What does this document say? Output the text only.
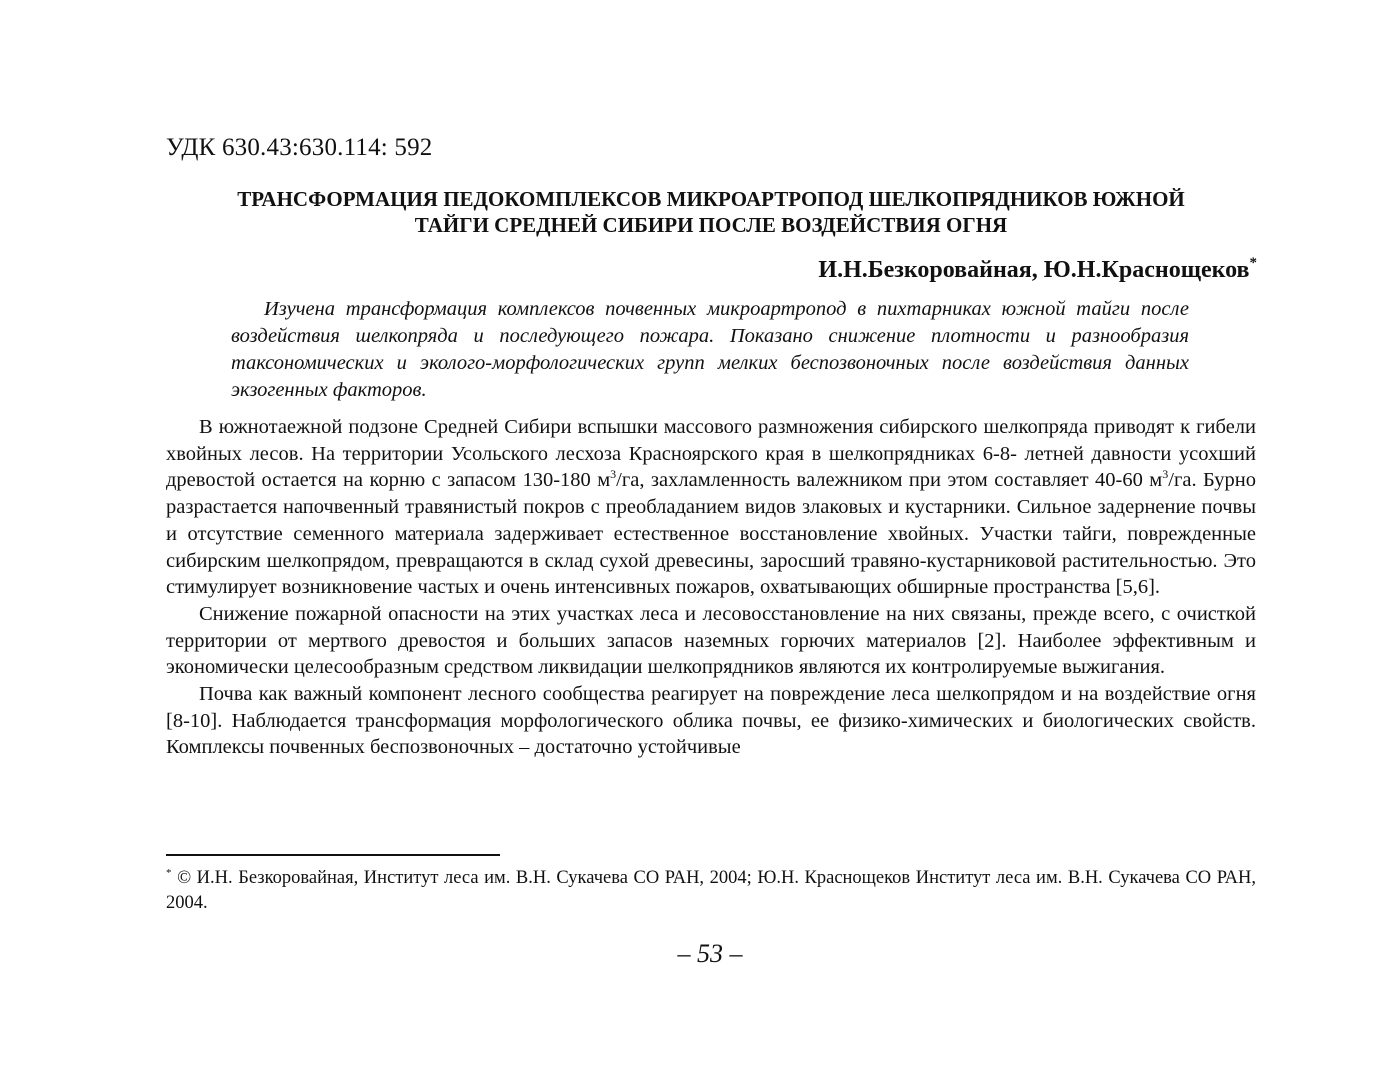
УДК 630.43:630.114: 592

ТРАНСФОРМАЦИЯ ПЕДОКОМПЛЕКСОВ МИКРОАРТРОПОД ШЕЛКОПРЯДНИКОВ ЮЖНОЙ
ТАЙГИ СРЕДНЕЙ СИБИРИ ПОСЛЕ ВОЗДЕЙСТВИЯ ОГНЯ

И.Н.Безкоровайная, Ю.Н.Краснощеков*

Изучена трансформация комплексов почвенных микроартропод в пихтарниках южной тайги после воздействия шелкопряда и последующего пожара. Показано снижение плотности и разнообразия таксономических и эколого-морфологических групп мелких беспозвоночных после воздействия данных экзогенных факторов.

В южнотаежной подзоне Средней Сибири вспышки массового размножения сибирского шелкопряда приводят к гибели хвойных лесов. На территории Усольского лесхоза Красноярского края в шелкопрядниках 6-8- летней давности усохший древостой остается на корню с запасом 130-180 $м^3/га$, захламленность валежником при этом составляет 40-60 $м^3/га$. Бурно разрастается напочвенный травянистый покров с преобладанием видов злаковых и кустарники. Сильное задернение почвы и отсутствие семенного материала задерживает естественное восстановление хвойных. Участки тайги, поврежденные сибирским шелкопрядом, превращаются в склад сухой древесины, заросший травяно-кустарниковой растительностью. Это стимулирует возникновение частых и очень интенсивных пожаров, охватывающих обширные пространства [5,6].

Снижение пожарной опасности на этих участках леса и лесовосстановление на них связаны, прежде всего, с очисткой территории от мертвого древостоя и больших запасов наземных горючих материалов [2]. Наиболее эффективным и экономически целесообразным средством ликвидации шелкопрядников являются их контролируемые выжигания.

Почва как важный компонент лесного сообщества реагирует на повреждение леса шелкопрядом и на воздействие огня [8-10]. Наблюдается трансформация морфологического облика почвы, ее физико-химических и биологических свойств. Комплексы почвенных беспозвоночных – достаточно устойчивые

* © И.Н. Безкоровайная, Институт леса им. В.Н. Сукачева СО РАН, 2004; Ю.Н. Краснощеков Институт леса им. В.Н. Сукачева СО РАН, 2004.

– 53 –
